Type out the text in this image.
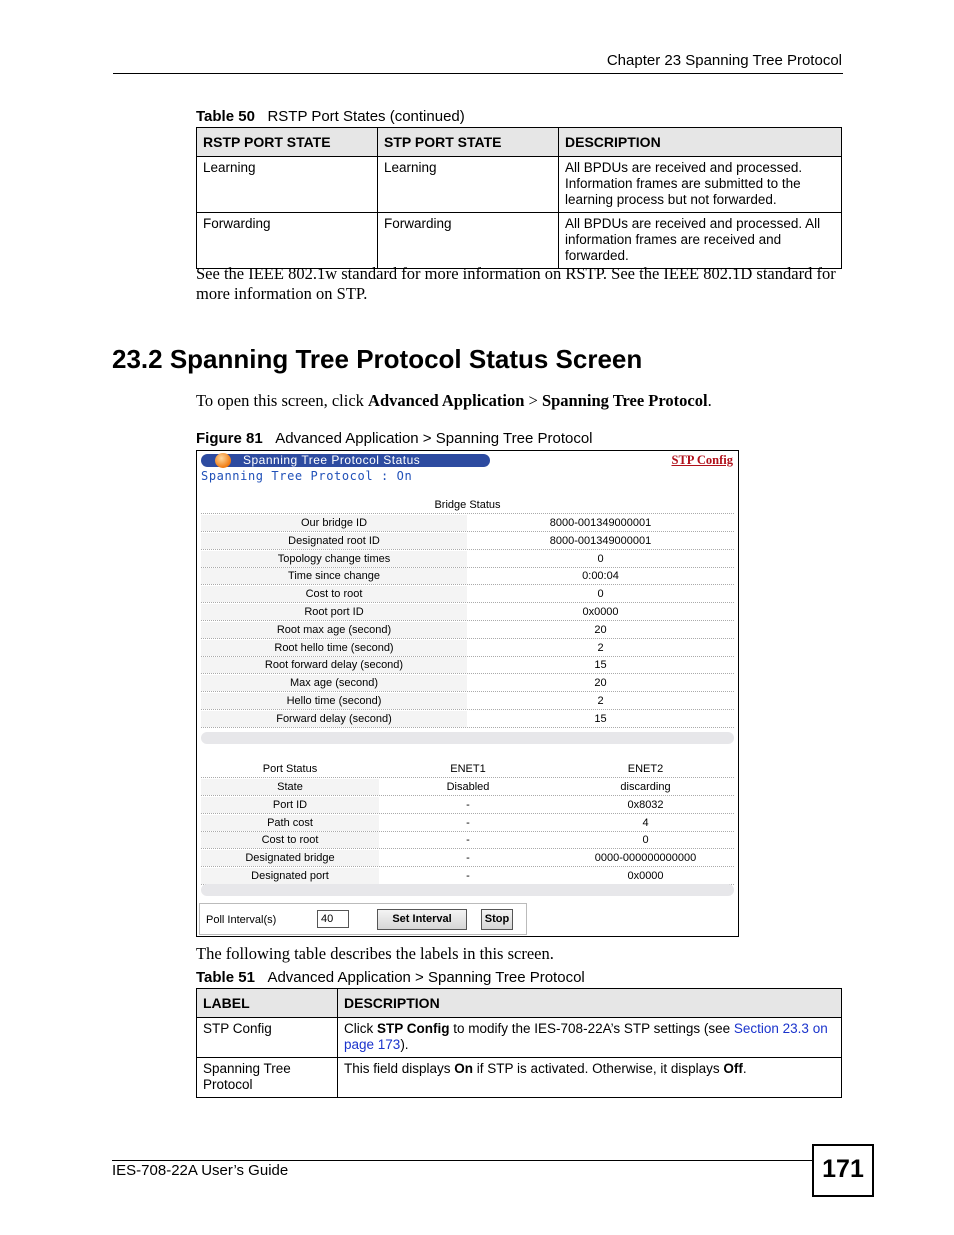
Chapter 23 Spanning Tree Protocol
Table 50 RSTP Port States (continued)
RSTP PORT STATE	STP PORT STATE	DESCRIPTION
Learning	Learning	All BPDUs are received and processed. Information frames are submitted to the learning process but not forwarded.
Forwarding	Forwarding	All BPDUs are received and processed. All information frames are received and forwarded.
See the IEEE 802.1w standard for more information on RSTP. See the IEEE 802.1D standard for more information on STP.
23.2 Spanning Tree Protocol Status Screen
To open this screen, click Advanced Application > Spanning Tree Protocol.
Figure 81 Advanced Application > Spanning Tree Protocol
Spanning Tree Protocol Status	STP Config
Spanning Tree Protocol : On
Bridge Status
Our bridge ID	8000-001349000001
Designated root ID	8000-001349000001
Topology change times	0
Time since change	0:00:04
Cost to root	0
Root port ID	0x0000
Root max age (second)	20
Root hello time (second)	2
Root forward delay (second)	15
Max age (second)	20
Hello time (second)	2
Forward delay (second)	15
Port Status	ENET1	ENET2
State	Disabled	discarding
Port ID	-	0x8032
Path cost	-	4
Cost to root	-	0
Designated bridge	-	0000-000000000000
Designated port	-	0x0000
Poll Interval(s)	40	Set Interval	Stop
The following table describes the labels in this screen.
Table 51 Advanced Application > Spanning Tree Protocol
LABEL	DESCRIPTION
STP Config	Click STP Config to modify the IES-708-22A’s STP settings (see Section 23.3 on page 173).
Spanning Tree Protocol	This field displays On if STP is activated. Otherwise, it displays Off.
IES-708-22A User’s Guide	171
